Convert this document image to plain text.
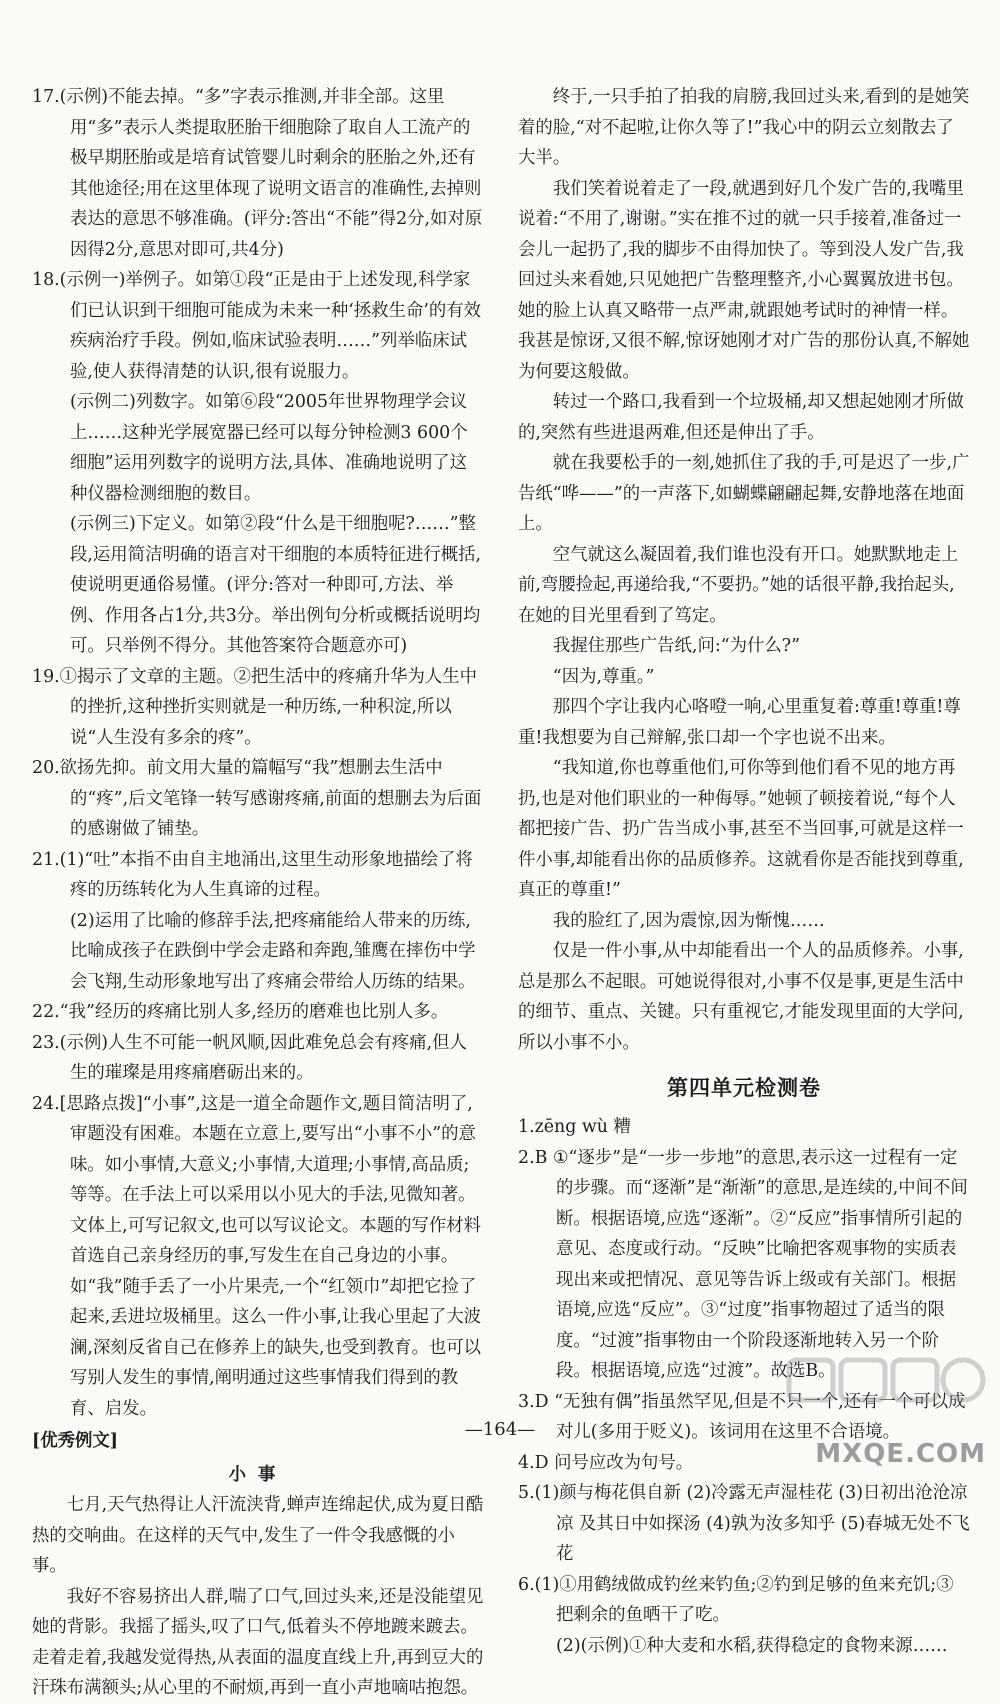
17.(示例)不能去掉。“多”字表示推测,并非全部。这里用“多”表示人类提取胚胎干细胞除了取自人工流产的极早期胚胎或是培育试管婴儿时剩余的胚胎之外,还有其他途径;用在这里体现了说明文语言的准确性,去掉则表达的意思不够准确。(评分:答出“不能”得2分,如对原因得2分,意思对即可,共4分)

18.(示例一)举例子。如第①段“正是由于上述发现,科学家们已认识到干细胞可能成为未来一种‘拯救生命’的有效疾病治疗手段。例如,临床试验表明……”列举临床试验,使人获得清楚的认识,很有说服力。

(示例二)列数字。如第⑥段“2005年世界物理学会议上……这种光学展宽器已经可以每分钟检测3 600个细胞”运用列数字的说明方法,具体、准确地说明了这种仪器检测细胞的数目。

(示例三)下定义。如第②段“什么是干细胞呢?……”整段,运用简洁明确的语言对干细胞的本质特征进行概括,使说明更通俗易懂。(评分:答对一种即可,方法、举例、作用各占1分,共3分。举出例句分析或概括说明均可。只举例不得分。其他答案符合题意亦可)

19.①揭示了文章的主题。②把生活中的疼痛升华为人生中的挫折,这种挫折实则就是一种历练,一种积淀,所以说“人生没有多余的疼”。

20.欲扬先抑。前文用大量的篇幅写“我”想删去生活中的“疼”,后文笔锋一转写感谢疼痛,前面的想删去为后面的感谢做了铺垫。

21.(1)“吐”本指不由自主地涌出,这里生动形象地描绘了将疼的历练转化为人生真谛的过程。

(2)运用了比喻的修辞手法,把疼痛能给人带来的历练,比喻成孩子在跌倒中学会走路和奔跑,雏鹰在摔伤中学会飞翔,生动形象地写出了疼痛会带给人历练的结果。

22.“我”经历的疼痛比别人多,经历的磨难也比别人多。

23.(示例)人生不可能一帆风顺,因此难免总会有疼痛,但人生的璀璨是用疼痛磨砺出来的。

24.[思路点拨]“小事”,这是一道全命题作文,题目简洁明了,审题没有困难。本题在立意上,要写出“小事不小”的意味。如小事情,大意义;小事情,大道理;小事情,高品质;等等。在手法上可以采用以小见大的手法,见微知著。文体上,可写记叙文,也可以写议论文。本题的写作材料首选自己亲身经历的事,写发生在自己身边的小事。如“我”随手丢了一小片果壳,一个“红领巾”却把它捡了起来,丢进垃圾桶里。这么一件小事,让我心里起了大波澜,深刻反省自己在修养上的缺失,也受到教育。也可以写别人发生的事情,阐明通过这些事情我们得到的教育、启发。

[优秀例文]

小事

七月,天气热得让人汗流浃背,蝉声连绵起伏,成为夏日酷热的交响曲。在这样的天气中,发生了一件令我感慨的小事。

我好不容易挤出人群,喘了口气,回过头来,还是没能望见她的背影。我摇了摇头,叹了口气,低着头不停地踱来踱去。走着走着,我越发觉得热,从表面的温度直线上升,再到豆大的汗珠布满额头;从心里的不耐烦,再到一直小声地嘀咕抱怨。

终于,一只手拍了拍我的肩膀,我回过头来,看到的是她笑着的脸,“对不起啦,让你久等了!”我心中的阴云立刻散去了大半。

我们笑着说着走了一段,就遇到好几个发广告的,我嘴里说着:“不用了,谢谢。”实在推不过的就一只手接着,准备过一会儿一起扔了,我的脚步不由得加快了。等到没人发广告,我回过头来看她,只见她把广告整理整齐,小心翼翼放进书包。她的脸上认真又略带一点严肃,就跟她考试时的神情一样。我甚是惊讶,又很不解,惊讶她刚才对广告的那份认真,不解她为何要这般做。

转过一个路口,我看到一个垃圾桶,却又想起她刚才所做的,突然有些进退两难,但还是伸出了手。

就在我要松手的一刻,她抓住了我的手,可是迟了一步,广告纸“哗——”的一声落下,如蝴蝶翩翩起舞,安静地落在地面上。

空气就这么凝固着,我们谁也没有开口。她默默地走上前,弯腰捡起,再递给我,“不要扔。”她的话很平静,我抬起头,在她的目光里看到了笃定。

我握住那些广告纸,问:“为什么?”

“因为,尊重。”

那四个字让我内心咯噔一响,心里重复着:尊重!尊重!尊重!我想要为自己辩解,张口却一个字也说不出来。

“我知道,你也尊重他们,可你等到他们看不见的地方再扔,也是对他们职业的一种侮辱。”她顿了顿接着说,“每个人都把接广告、扔广告当成小事,甚至不当回事,可就是这样一件小事,却能看出你的品质修养。这就看你是否能找到尊重,真正的尊重!”

我的脸红了,因为震惊,因为惭愧……

仅是一件小事,从中却能看出一个人的品质修养。小事,总是那么不起眼。可她说得很对,小事不仅是事,更是生活中的细节、重点、关键。只有重视它,才能发现里面的大学问,所以小事不小。

第四单元检测卷

1.zēng wù 糟

2.B ①“逐步”是“一步一步地”的意思,表示这一过程有一定的步骤。而“逐渐”是“渐渐”的意思,是连续的,中间不间断。根据语境,应选“逐渐”。②“反应”指事情所引起的意见、态度或行动。“反映”比喻把客观事物的实质表现出来或把情况、意见等告诉上级或有关部门。根据语境,应选“反应”。③“过度”指事物超过了适当的限度。“过渡”指事物由一个阶段逐渐地转入另一个阶段。根据语境,应选“过渡”。故选B。

3.D “无独有偶”指虽然罕见,但是不只一个,还有一个可以成对儿(多用于贬义)。该词用在这里不合语境。

4.D 问号应改为句号。

5.(1)颜与梅花俱自新 (2)冷露无声湿桂花 (3)日初出沧沧凉凉 及其日中如探汤 (4)孰为汝多知乎 (5)春城无处不飞花

6.(1)①用鹤绒做成钓丝来钓鱼;②钓到足够的鱼来充饥;③把剩余的鱼晒干了吃。

(2)(示例)①种大麦和水稻,获得稳定的食物来源……

—164—
MXQE.COM
